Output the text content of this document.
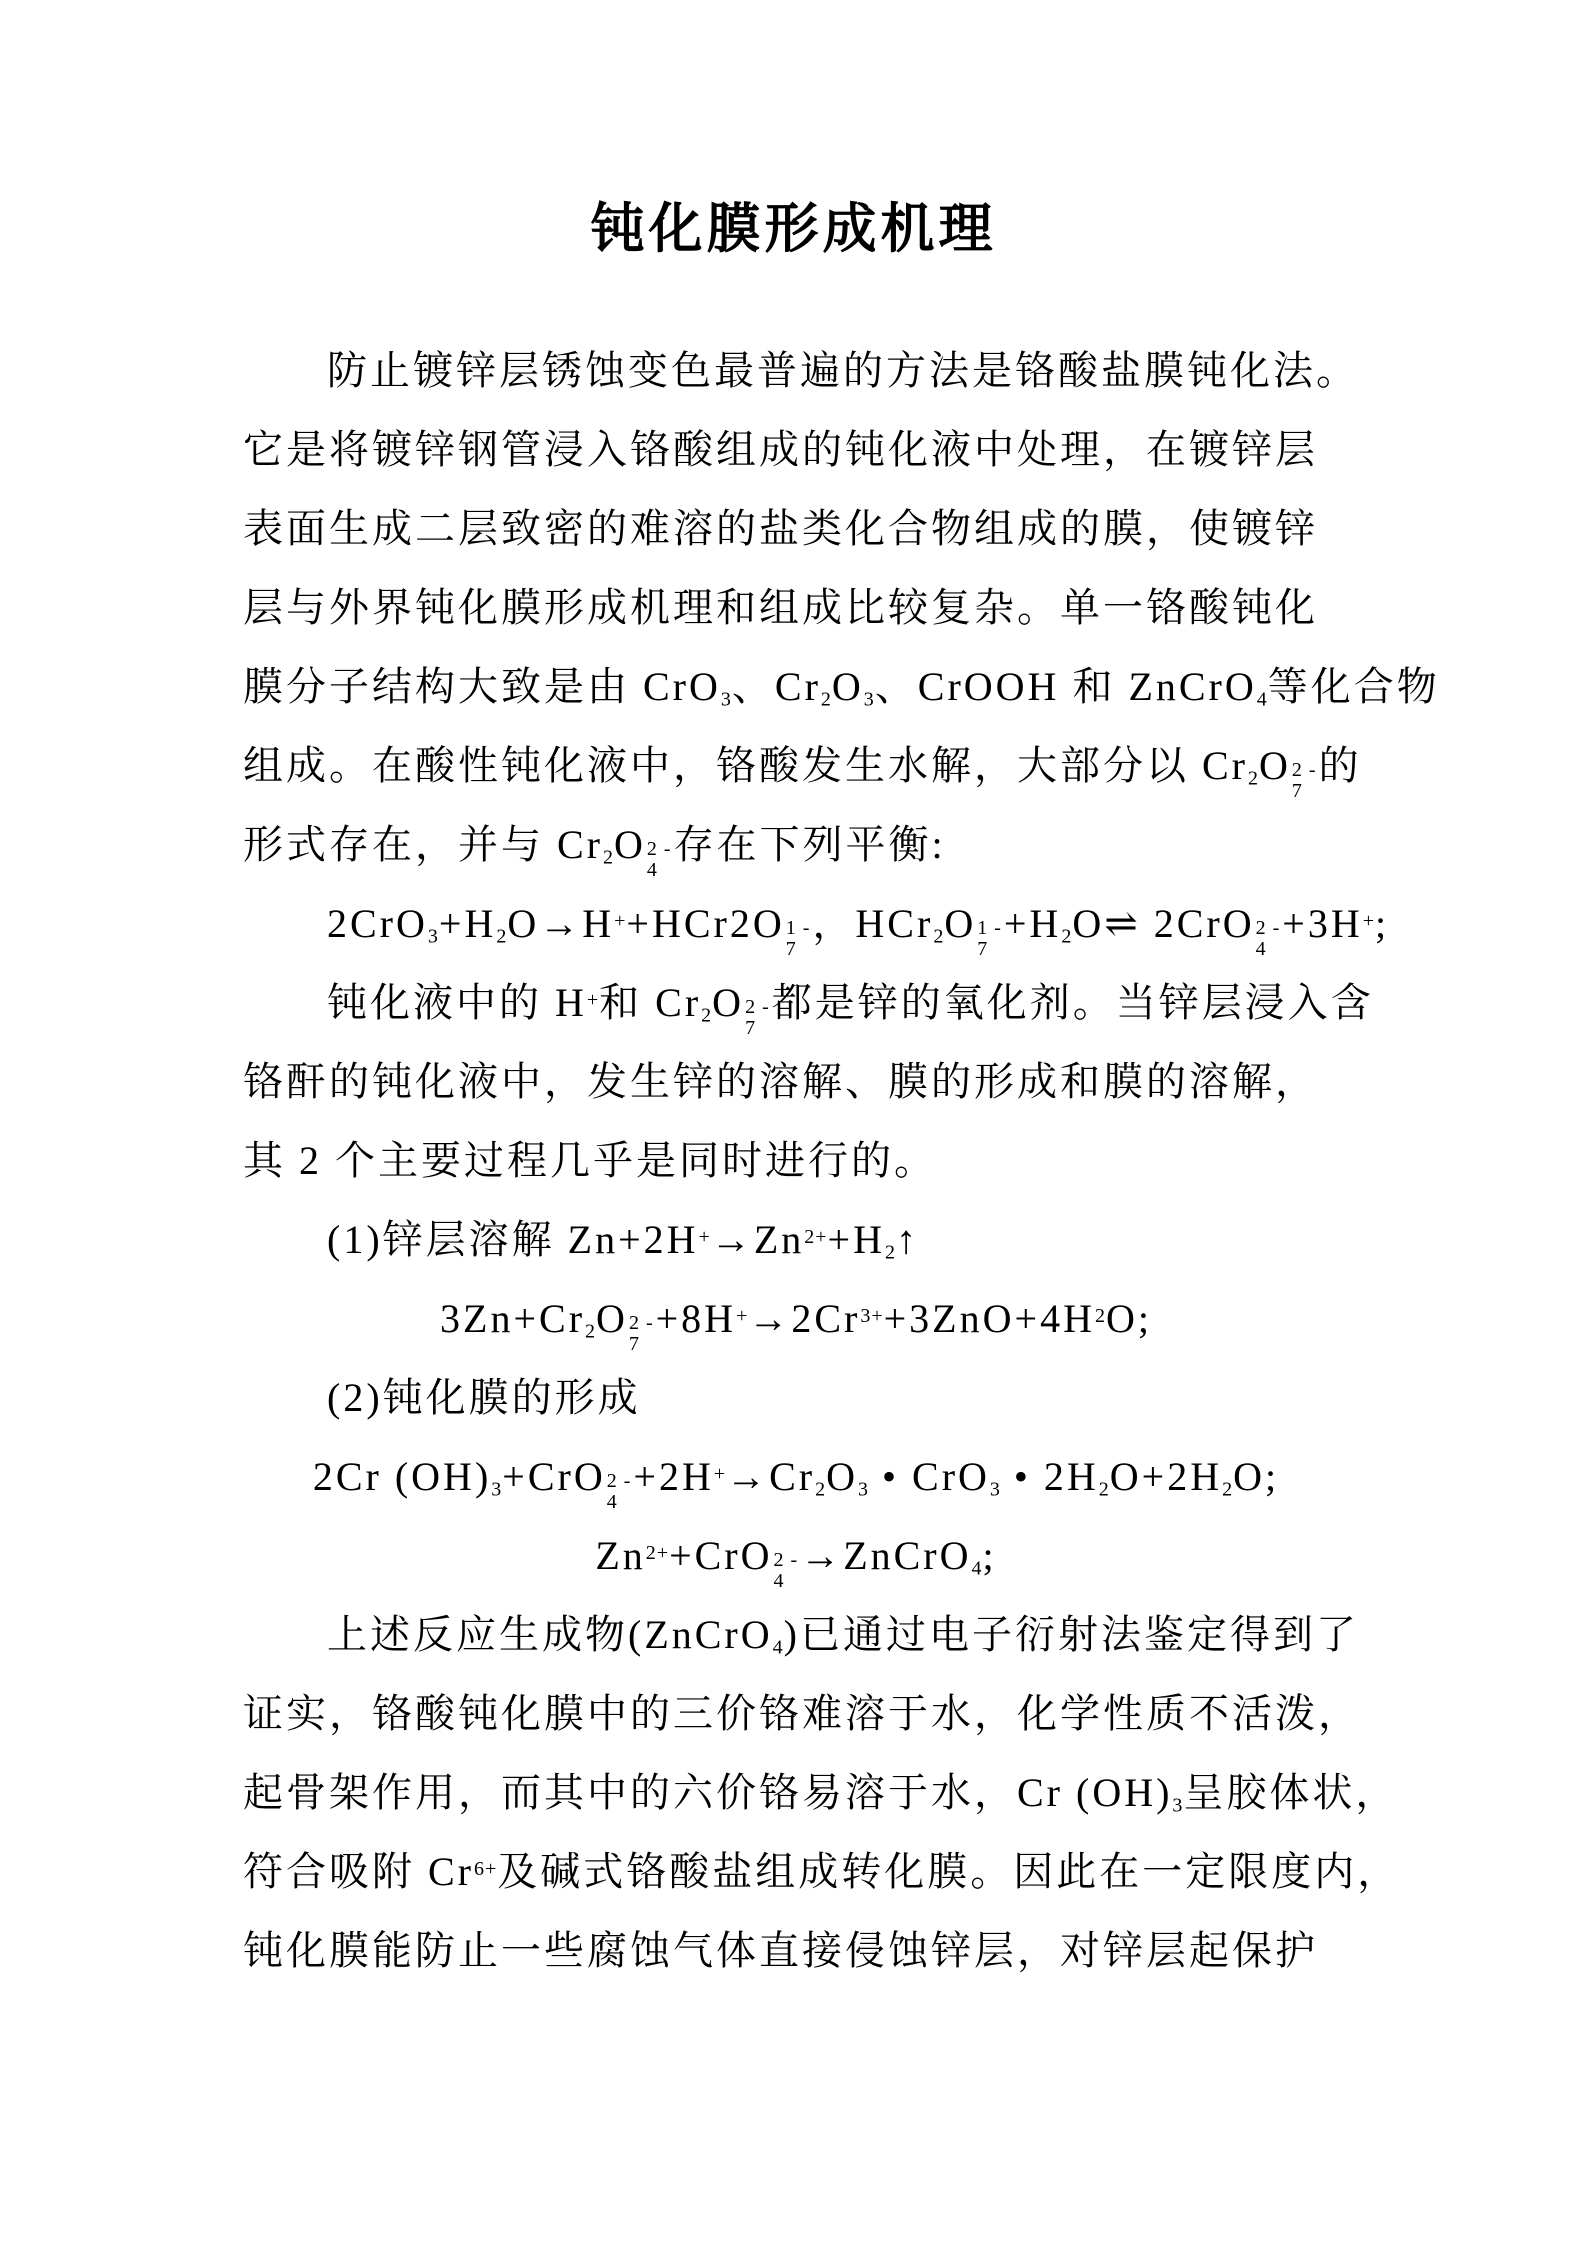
钝化膜形成机理
防止镀锌层锈蚀变色最普遍的方法是铬酸盐膜钝化法。
它是将镀锌钢管浸入铬酸组成的钝化液中处理，在镀锌层
表面生成二层致密的难溶的盐类化合物组成的膜，使镀锌
层与外界钝化膜形成机理和组成比较复杂。单一铬酸钝化
膜分子结构大致是由 CrO$_3$、$Cr_2O_3$、CrOOH 和 ZnCrO$_4$等化合物
组成。在酸性钝化液中，铬酸发生水解，大部分以 $Cr_2O$ 2 -
7
的
形式存在，并与 $Cr_2O$ 2 -
4
存在下列平衡:
$2CrO_3+H_2O\to H^++HCr2O$ 1 -
7
，HCr$_2$O 1 -
7
$+H_2O\rightleftharpoons$ 2CrO 2 -
4
+3H+;
钝化液中的 H+和 $Cr_2O$ 2 -
7
都是锌的氧化剂。当锌层浸入含
铬酐的钝化液中，发生锌的溶解、膜的形成和膜的溶解，
其 2 个主要过程几乎是同时进行的。
(1)锌层溶解 $Zn+2H^+\to Zn^{2+}+H_2↑$
$3Zn+Cr_2O$ 2 -
7
$+8H^+\to 2Cr^{3+}+3ZnO+4H^2O$;
(2)钝化膜的形成
2Cr $(OH)_3+CrO$ 2 -
4
$+2H^+\to Cr_2O_3$ • CrO$_3$ • $2H_2O+2H_2O$;
$Zn^{2+}+CrO$ 2 -
4
→ZnCrO$_4$;
上述反应生成物(ZnCrO$_4$)已通过电子衍射法鉴定得到了
证实，铬酸钝化膜中的三价铬难溶于水，化学性质不活泼，
起骨架作用，而其中的六价铬易溶于水，Cr $(OH)_3$呈胶体状，
符合吸附 $Cr^{6+}$及碱式铬酸盐组成转化膜。因此在一定限度内，
钝化膜能防止一些腐蚀气体直接侵蚀锌层，对锌层起保护
